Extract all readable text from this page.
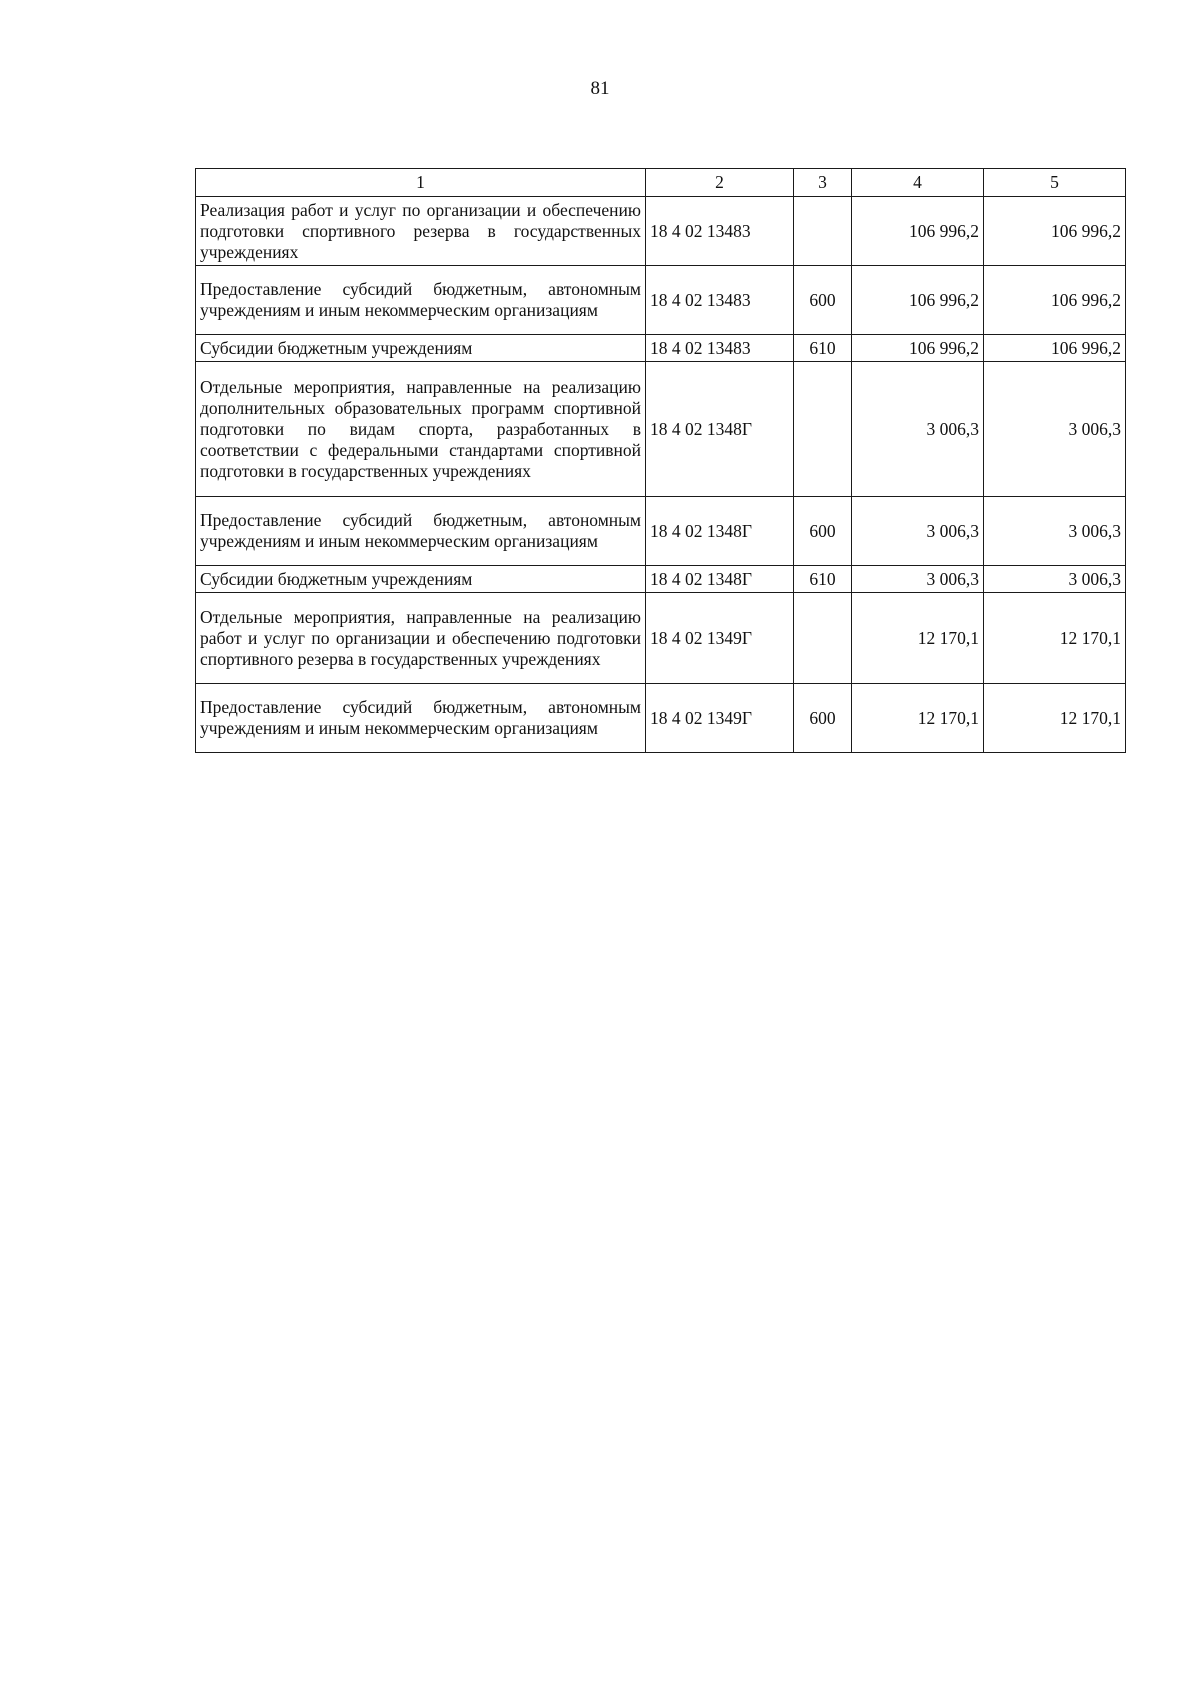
81
1	2	3	4	5
Реализация работ и услуг по организации и обеспечению подготовки спортивного резерва в государственных учреждениях	18 4 02 13483		106 996,2	106 996,2
Предоставление субсидий бюджетным, автономным учреждениям и иным некоммерческим организациям	18 4 02 13483	600	106 996,2	106 996,2
Субсидии бюджетным учреждениям	18 4 02 13483	610	106 996,2	106 996,2
Отдельные мероприятия, направленные на реализацию дополнительных образовательных программ спортивной подготовки по видам спорта, разработанных в соответствии с федеральными стандартами спортивной подготовки в государственных учреждениях	18 4 02 1348Г		3 006,3	3 006,3
Предоставление субсидий бюджетным, автономным учреждениям и иным некоммерческим организациям	18 4 02 1348Г	600	3 006,3	3 006,3
Субсидии бюджетным учреждениям	18 4 02 1348Г	610	3 006,3	3 006,3
Отдельные мероприятия, направленные на реализацию работ и услуг по организации и обеспечению подготовки спортивного резерва в государственных учреждениях	18 4 02 1349Г		12 170,1	12 170,1
Предоставление субсидий бюджетным, автономным учреждениям и иным некоммерческим организациям	18 4 02 1349Г	600	12 170,1	12 170,1
